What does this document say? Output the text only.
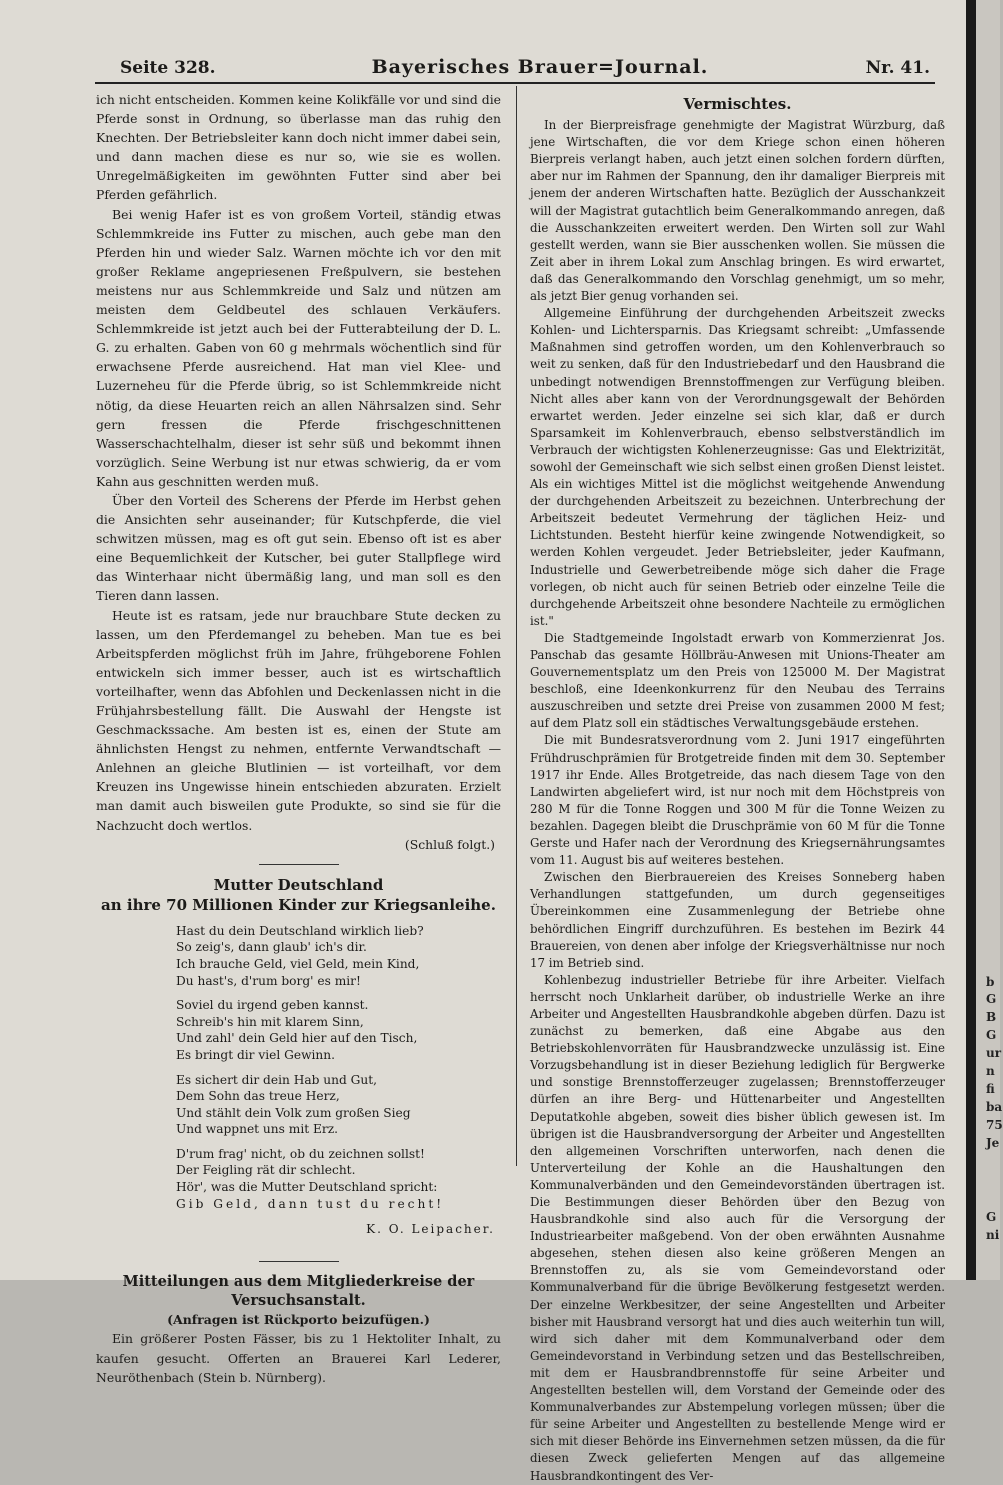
Seite 328.	Bayerisches Brauer=Journal.	Nr. 41.

ich nicht entscheiden. Kommen keine Kolikfälle vor und sind die Pferde sonst in Ordnung, so überlasse man das ruhig den Knechten. Der Betriebsleiter kann doch nicht immer dabei sein, und dann machen diese es nur so, wie sie es wollen. Unregelmäßigkeiten im gewöhnten Futter sind aber bei Pferden gefährlich.

Bei wenig Hafer ist es von großem Vorteil, ständig etwas Schlemmkreide ins Futter zu mischen, auch gebe man den Pferden hin und wieder Salz. Warnen möchte ich vor den mit großer Reklame angepriesenen Freßpulvern, sie bestehen meistens nur aus Schlemmkreide und Salz und nützen am meisten dem Geldbeutel des schlauen Verkäufers. Schlemmkreide ist jetzt auch bei der Futterabteilung der D. L. G. zu erhalten. Gaben von 60 g mehrmals wöchentlich sind für erwachsene Pferde ausreichend. Hat man viel Klee- und Luzerneheu für die Pferde übrig, so ist Schlemmkreide nicht nötig, da diese Heuarten reich an allen Nährsalzen sind. Sehr gern fressen die Pferde frischgeschnittenen Wasserschachtelhalm, dieser ist sehr süß und bekommt ihnen vorzüglich. Seine Werbung ist nur etwas schwierig, da er vom Kahn aus geschnitten werden muß.

Über den Vorteil des Scherens der Pferde im Herbst gehen die Ansichten sehr auseinander; für Kutschpferde, die viel schwitzen müssen, mag es oft gut sein. Ebenso oft ist es aber eine Bequemlichkeit der Kutscher, bei guter Stallpflege wird das Winterhaar nicht übermäßig lang, und man soll es den Tieren dann lassen.

Heute ist es ratsam, jede nur brauchbare Stute decken zu lassen, um den Pferdemangel zu beheben. Man tue es bei Arbeitspferden möglichst früh im Jahre, frühgeborene Fohlen entwickeln sich immer besser, auch ist es wirtschaftlich vorteilhafter, wenn das Abfohlen und Deckenlassen nicht in die Frühjahrsbestellung fällt. Die Auswahl der Hengste ist Geschmackssache. Am besten ist es, einen der Stute am ähnlichsten Hengst zu nehmen, entfernte Verwandtschaft — Anlehnen an gleiche Blutlinien — ist vorteilhaft, vor dem Kreuzen ins Ungewisse hinein entschieden abzuraten. Erzielt man damit auch bisweilen gute Produkte, so sind sie für die Nachzucht doch wertlos.

(Schluß folgt.)
Mutter Deutschland
an ihre 70 Millionen Kinder zur Kriegsanleihe.
Hast du dein Deutschland wirklich lieb?
So zeig's, dann glaub' ich's dir.
Ich brauche Geld, viel Geld, mein Kind,
Du hast's, d'rum borg' es mir!
Soviel du irgend geben kannst.
Schreib's hin mit klarem Sinn,
Und zahl' dein Geld hier auf den Tisch,
Es bringt dir viel Gewinn.
Es sichert dir dein Hab und Gut,
Dem Sohn das treue Herz,
Und stählt dein Volk zum großen Sieg
Und wappnet uns mit Erz.
D'rum frag' nicht, ob du zeichnen sollst!
Der Feigling rät dir schlecht.
Hör', was die Mutter Deutschland spricht:
Gib Geld, dann tust du recht!
K. O. Leipacher.
Mitteilungen aus dem Mitgliederkreise der Versuchsanstalt.
(Anfragen ist Rückporto beizufügen.)

Ein größerer Posten Fässer, bis zu 1 Hektoliter Inhalt, zu kaufen gesucht. Offerten an Brauerei Karl Lederer, Neuröthenbach (Stein b. Nürnberg).

Vermischtes.

In der Bierpreisfrage genehmigte der Magistrat Würzburg, daß jene Wirtschaften, die vor dem Kriege schon einen höheren Bierpreis verlangt haben, auch jetzt einen solchen fordern dürften, aber nur im Rahmen der Spannung, den ihr damaliger Bierpreis mit jenem der anderen Wirtschaften hatte. Bezüglich der Ausschankzeit will der Magistrat gutachtlich beim Generalkommando anregen, daß die Ausschankzeiten erweitert werden. Den Wirten soll zur Wahl gestellt werden, wann sie Bier ausschenken wollen. Sie müssen die Zeit aber in ihrem Lokal zum Anschlag bringen. Es wird erwartet, daß das Generalkommando den Vorschlag genehmigt, um so mehr, als jetzt Bier genug vorhanden sei.

Allgemeine Einführung der durchgehenden Arbeitszeit zwecks Kohlen- und Lichtersparnis. Das Kriegsamt schreibt: „Umfassende Maßnahmen sind getroffen worden, um den Kohlenverbrauch so weit zu senken, daß für den Industriebedarf und den Hausbrand die unbedingt notwendigen Brennstoffmengen zur Verfügung bleiben. Nicht alles aber kann von der Verordnungsgewalt der Behörden erwartet werden. Jeder einzelne sei sich klar, daß er durch Sparsamkeit im Kohlenverbrauch, ebenso selbstverständlich im Verbrauch der wichtigsten Kohlenerzeugnisse: Gas und Elektrizität, sowohl der Gemeinschaft wie sich selbst einen großen Dienst leistet. Als ein wichtiges Mittel ist die möglichst weitgehende Anwendung der durchgehenden Arbeitszeit zu bezeichnen. Unterbrechung der Arbeitszeit bedeutet Vermehrung der täglichen Heiz- und Lichtstunden. Besteht hierfür keine zwingende Notwendigkeit, so werden Kohlen vergeudet. Jeder Betriebsleiter, jeder Kaufmann, Industrielle und Gewerbetreibende möge sich daher die Frage vorlegen, ob nicht auch für seinen Betrieb oder einzelne Teile die durchgehende Arbeitszeit ohne besondere Nachteile zu ermöglichen ist."

Die Stadtgemeinde Ingolstadt erwarb von Kommerzienrat Jos. Panschab das gesamte Höllbräu-Anwesen mit Unions-Theater am Gouvernementsplatz um den Preis von 125000 M. Der Magistrat beschloß, eine Ideenkonkurrenz für den Neubau des Terrains auszuschreiben und setzte drei Preise von zusammen 2000 M fest; auf dem Platz soll ein städtisches Verwaltungsgebäude erstehen.

Die mit Bundesratsverordnung vom 2. Juni 1917 eingeführten Frühdruschprämien für Brotgetreide finden mit dem 30. September 1917 ihr Ende. Alles Brotgetreide, das nach diesem Tage von den Landwirten abgeliefert wird, ist nur noch mit dem Höchstpreis von 280 M für die Tonne Roggen und 300 M für die Tonne Weizen zu bezahlen. Dagegen bleibt die Druschprämie von 60 M für die Tonne Gerste und Hafer nach der Verordnung des Kriegsernährungsamtes vom 11. August bis auf weiteres bestehen.

Zwischen den Bierbrauereien des Kreises Sonneberg haben Verhandlungen stattgefunden, um durch gegenseitiges Übereinkommen eine Zusammenlegung der Betriebe ohne behördlichen Eingriff durchzuführen. Es bestehen im Bezirk 44 Brauereien, von denen aber infolge der Kriegsverhältnisse nur noch 17 im Betrieb sind.

Kohlenbezug industrieller Betriebe für ihre Arbeiter. Vielfach herrscht noch Unklarheit darüber, ob industrielle Werke an ihre Arbeiter und Angestellten Hausbrandkohle abgeben dürfen. Dazu ist zunächst zu bemerken, daß eine Abgabe aus den Betriebskohlenvorräten für Hausbrandzwecke unzulässig ist. Eine Vorzugsbehandlung ist in dieser Beziehung lediglich für Bergwerke und sonstige Brennstofferzeuger zugelassen; Brennstofferzeuger dürfen an ihre Berg- und Hüttenarbeiter und Angestellten Deputatkohle abgeben, soweit dies bisher üblich gewesen ist. Im übrigen ist die Hausbrandversorgung der Arbeiter und Angestellten den allgemeinen Vorschriften unterworfen, nach denen die Unterverteilung der Kohle an die Haushaltungen den Kommunalverbänden und den Gemeindevorständen übertragen ist. Die Bestimmungen dieser Behörden über den Bezug von Hausbrandkohle sind also auch für die Versorgung der Industriearbeiter maßgebend. Von der oben erwähnten Ausnahme abgesehen, stehen diesen also keine größeren Mengen an Brennstoffen zu, als sie vom Gemeindevorstand oder Kommunalverband für die übrige Bevölkerung festgesetzt werden. Der einzelne Werkbesitzer, der seine Angestellten und Arbeiter bisher mit Hausbrand versorgt hat und dies auch weiterhin tun will, wird sich daher mit dem Kommunalverband oder dem Gemeindevorstand in Verbindung setzen und das Bestellschreiben, mit dem er Hausbrandbrennstoffe für seine Arbeiter und Angestellten bestellen will, dem Vorstand der Gemeinde oder des Kommunalverbandes zur Abstempelung vorlegen müssen; über die für seine Arbeiter und Angestellten zu bestellende Menge wird er sich mit dieser Behörde ins Einvernehmen setzen müssen, da die für diesen Zweck gelieferten Mengen auf das allgemeine Hausbrandkontingent des Ver-

b
G
B
G
ur
n
fi
ba
75
Je
G
ni
